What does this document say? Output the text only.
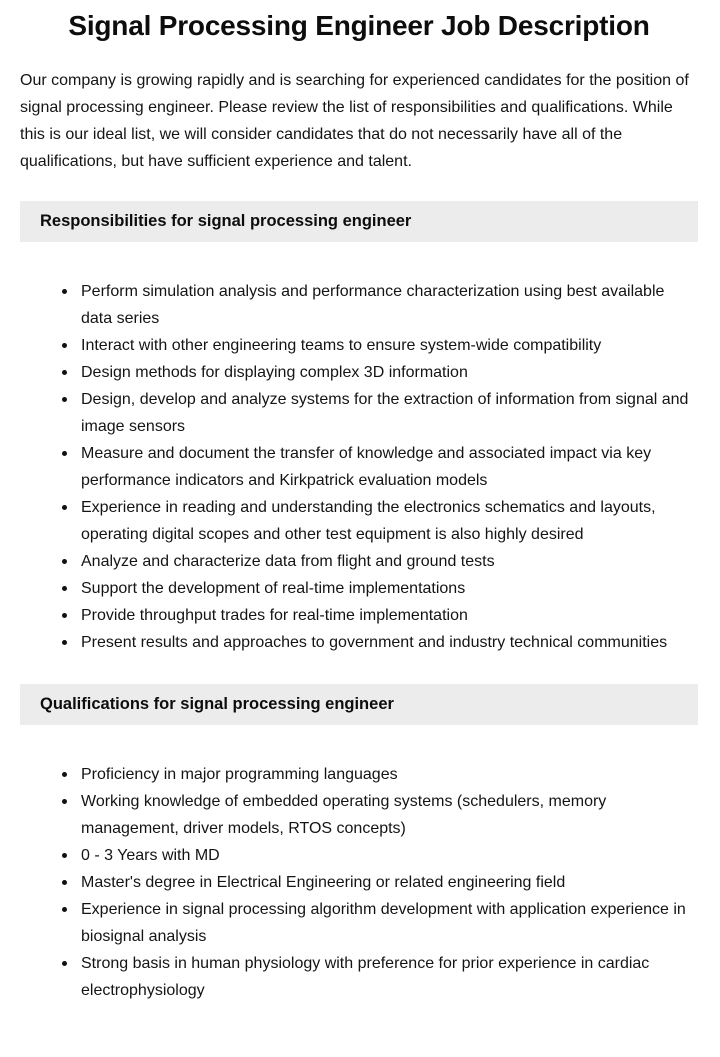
Signal Processing Engineer Job Description

Our company is growing rapidly and is searching for experienced candidates for the position of signal processing engineer. Please review the list of responsibilities and qualifications. While this is our ideal list, we will consider candidates that do not necessarily have all of the qualifications, but have sufficient experience and talent.

Responsibilities for signal processing engineer
Perform simulation analysis and performance characterization using best available data series
Interact with other engineering teams to ensure system-wide compatibility
Design methods for displaying complex 3D information
Design, develop and analyze systems for the extraction of information from signal and image sensors
Measure and document the transfer of knowledge and associated impact via key performance indicators and Kirkpatrick evaluation models
Experience in reading and understanding the electronics schematics and layouts, operating digital scopes and other test equipment is also highly desired
Analyze and characterize data from flight and ground tests
Support the development of real-time implementations
Provide throughput trades for real-time implementation
Present results and approaches to government and industry technical communities
Qualifications for signal processing engineer
Proficiency in major programming languages
Working knowledge of embedded operating systems (schedulers, memory management, driver models, RTOS concepts)
0 - 3 Years with MD
Master's degree in Electrical Engineering or related engineering field
Experience in signal processing algorithm development with application experience in biosignal analysis
Strong basis in human physiology with preference for prior experience in cardiac electrophysiology
